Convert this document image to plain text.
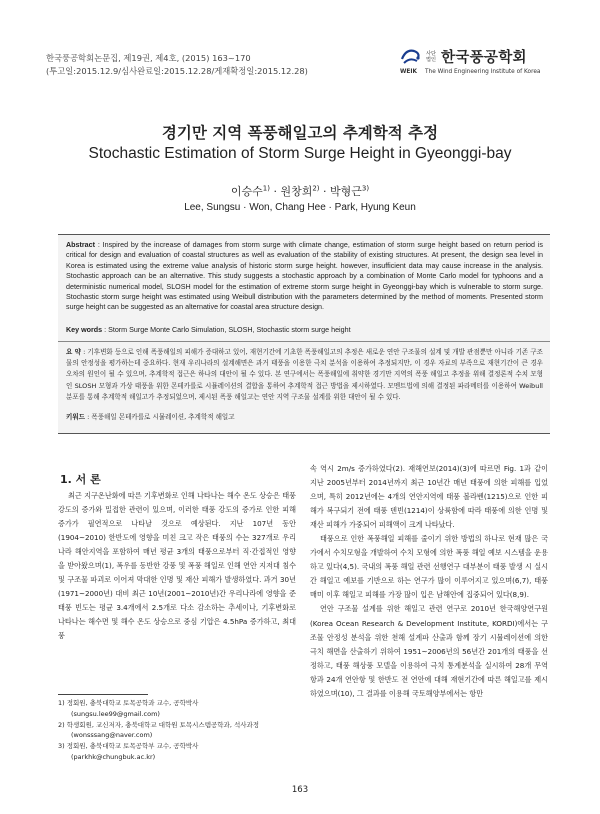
한국풍공학회논문집, 제19권, 제4호, (2015) 163~170
(투고일:2015.12.9/심사완료일:2015.12.28/게재확정일:2015.12.28)
사단
법인 한국풍공학회
WEIK The Wind Engineering Institute of Korea
경기만 지역 폭풍해일고의 추계학적 추정
Stochastic Estimation of Storm Surge Height in Gyeonggi-bay
이승수$^{1)}$ · 원창희$^{2)}$ · 박형근$^{3)}$
Lee, Sungsu · Won, Chang Hee · Park, Hyung Keun
Abstract : Inspired by the increase of damages from storm surge with climate change, estimation of storm surge height based on return period is critical for design and evaluation of coastal structures as well as evaluation of the stability of existing structures. At present, the design sea level in Korea is estimated using the extreme value analysis of historic storm surge height. however, insufficient data may cause increase in the analysis. Stochastic approach can be an alternative. This study suggests a stochastic approach by a combination of Monte Carlo model for typhoons and a deterministic numerical model, SLOSH model for the estimation of extreme storm surge height in Gyeonggi-bay which is vulnerable to storm surge. Stochastic storm surge height was estimated using Weibull distribution with the parameters determined by the method of moments. Presented storm surge height can be suggested as an alternative for coastal area structure design.
Key words : Storm Surge Monte Carlo Simulation, SLOSH, Stochastic storm surge height
요 약 : 기후변화 등으로 인해 폭풍해일의 피해가 증대하고 있어, 재현기간에 기초한 폭풍해일고의 추정은 새로운 연안 구조물의 설계 및 개발 관점뿐만 아니라 기존 구조물의 안정성을 평가하는데 중요하다. 현재 우리나라의 설계해면은 과거 태풍을 이용한 극치 분석을 이용하여 추정되지만, 이 경우 자료의 부족으로 재현기간이 큰 경우 오차의 원인이 될 수 있으며, 추계학적 접근은 하나의 대안이 될 수 있다. 본 연구에서는 폭풍해일에 취약한 경기만 지역의 폭풍 해일고 추정을 위해 결정론적 수치 모형인 SLOSH 모형과 가상 태풍을 위한 몬테카를로 시뮬레이션의 결합을 통하여 추계학적 접근 방법을 제시하였다. 모멘트법에 의해 결정된 파라메터를 이용하여 Weibull 분포를 통해 추계학적 해일고가 추정되었으며, 제시된 폭풍 해일고는 연안 지역 구조물 설계를 위한 대안이 될 수 있다.
키워드 : 폭풍해일 몬테카를로 시뮬레이션, 추계학적 해일고
1. 서 론

최근 지구온난화에 따른 기후변화로 인해 나타나는 해수 온도 상승은 태풍 강도의 증가와 밀접한 관련이 있으며, 이러한 태풍 강도의 증가로 인한 피해 증가가 필연적으로 나타날 것으로 예상된다. 지난 107년 동안(1904~2010) 한반도에 영향을 미친 크고 작은 태풍의 수는 327개로 우리나라 해안지역을 포함하여 매년 평균 3개의 태풍으로부터 직·간접적인 영향을 받아왔으며(1), 폭우를 동반한 강풍 및 폭풍 해일로 인해 연안 지저대 침수 및 구조물 파괴로 이어져 막대한 인명 및 재산 피해가 발생하였다. 과거 30년(1971~2000년) 대비 최근 10년(2001~2010년)간 우리나라에 영향을 준 태풍 빈도는 평균 3.4개에서 2.5개로 다소 감소하는 추세이나, 기후변화로 나타나는 해수면 및 해수 온도 상승으로 중심 기압은 4.5hPa 증가하고, 최대 풍

속 역시 2m/s 증가하였다(2). 재해연보(2014)(3)에 따르면 Fig. 1과 같이 지난 2005년부터 2014년까지 최근 10년간 매년 태풍에 의한 피해를 입었으며, 특히 2012년에는 4개의 연안지역에 태풍 볼라벤(1215)으로 인한 피해가 복구되기 전에 태풍 덴빈(1214)이 상륙함에 따라 태풍에 의한 인명 및 재산 피해가 가중되어 피해액이 크게 나타났다.

태풍으로 인한 폭풍해일 피해를 줄이기 위한 방법의 하나로 현재 많은 국가에서 수치모형을 개발하여 수치 모형에 의한 폭풍 해일 예보 시스템을 운용하고 있다(4,5). 국내의 폭풍 해일 관련 선행연구 대부분이 태풍 발생 시 실시간 해일고 예보를 기반으로 하는 연구가 많이 이루어지고 있으며(6,7), 태풍 매미 이후 해일고 피해를 가장 많이 입은 남해안에 집중되어 있다(8,9).

연안 구조물 설계를 위한 해일고 관련 연구로 2010년 한국해양연구원(Korea Ocean Research & Development Institute, KORDI)에서는 구조물 안정성 분석을 위한 천해 설계파 산출과 함께 장기 시뮬레이션에 의한 극치 해면을 산출하기 위하여 1951~2006년의 56년간 201개의 태풍을 선정하고, 태풍 해상풍 모델을 이용하여 극치 통계분석을 실시하여 28개 무역항과 24개 연안항 및 한반도 전 연안에 대해 재현기간에 따른 해일고를 제시하였으며(10), 그 결과를 이용해 국토해양부에서는 항만

1) 정회원, 충북대학교 토목공학과 교수, 공학박사
(sungsu.lee99@gmail.com)
2) 학생회원, 교신저자, 충북대학교 대학원 토목시스템공학과, 석사과정
(wonsssang@naver.com)
3) 정회원, 충북대학교 토목공학부 교수, 공학박사
(parkhk@chungbuk.ac.kr)
163
